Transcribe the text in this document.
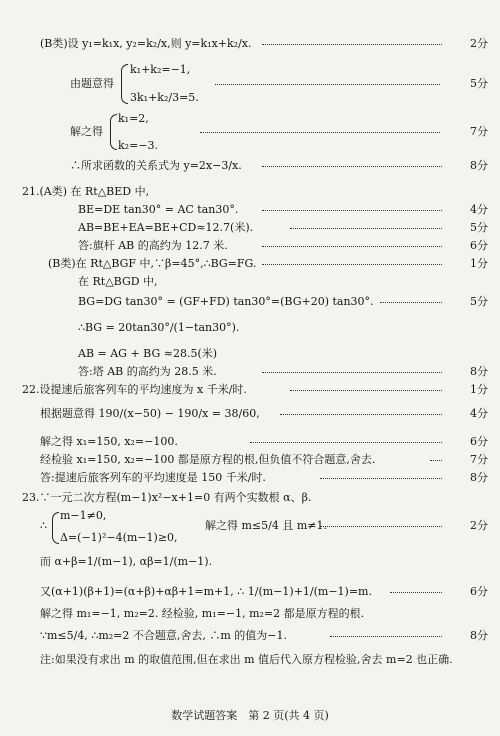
(B类)设 y₁=k₁x, y₂=k₂/x,则 y=k₁x+k₂/x.	2分
k₁+k₂=−1,
由题意得	5分
3k₁+k₂/3=5.
k₁=2,
解之得	7分
k₂=−3.
∴所求函数的关系式为 y=2x−3/x.	8分
21.(A类) 在 Rt△BED 中,
BE=DE tan30° = AC tan30°.	4分
AB=BE+EA=BE+CD≈12.7(米).	5分
答:旗杆 AB 的高约为 12.7 米.	6分
(B类)在 Rt△BGF 中,∵β=45°,∴BG=FG.	1分
在 Rt△BGD 中,
BG=DG tan30° = (GF+FD) tan30°=(BG+20) tan30°.	5分
∴BG = 20tan30°/(1−tan30°).
AB = AG + BG ≈28.5(米)
答:塔 AB 的高约为 28.5 米.	8分
22.设提速后旅客列车的平均速度为 x 千米/时.	1分
根据题意得 190/(x−50) − 190/x = 38/60,	4分
解之得 x₁=150, x₂=−100.	6分
经检验 x₁=150, x₂=−100 都是原方程的根,但负值不符合题意,舍去.	7分
答:提速后旅客列车的平均速度是 150 千米/时.	8分
23.∵一元二次方程(m−1)x²−x+1=0 有两个实数根 α、β.
m−1≠0,
∴	解之得 m≤5/4 且 m≠1.	2分
Δ=(−1)²−4(m−1)≥0,
而 α+β=1/(m−1), αβ=1/(m−1).
又(α+1)(β+1)=(α+β)+αβ+1=m+1, ∴ 1/(m−1)+1/(m−1)=m.	6分
解之得 m₁=−1, m₂=2. 经检验, m₁=−1, m₂=2 都是原方程的根.
∵m≤5/4, ∴m₂=2 不合题意,舍去, ∴m 的值为−1.	8分
注:如果没有求出 m 的取值范围,但在求出 m 值后代入原方程检验,舍去 m=2 也正确.
数学试题答案　第 2 页(共 4 页)
